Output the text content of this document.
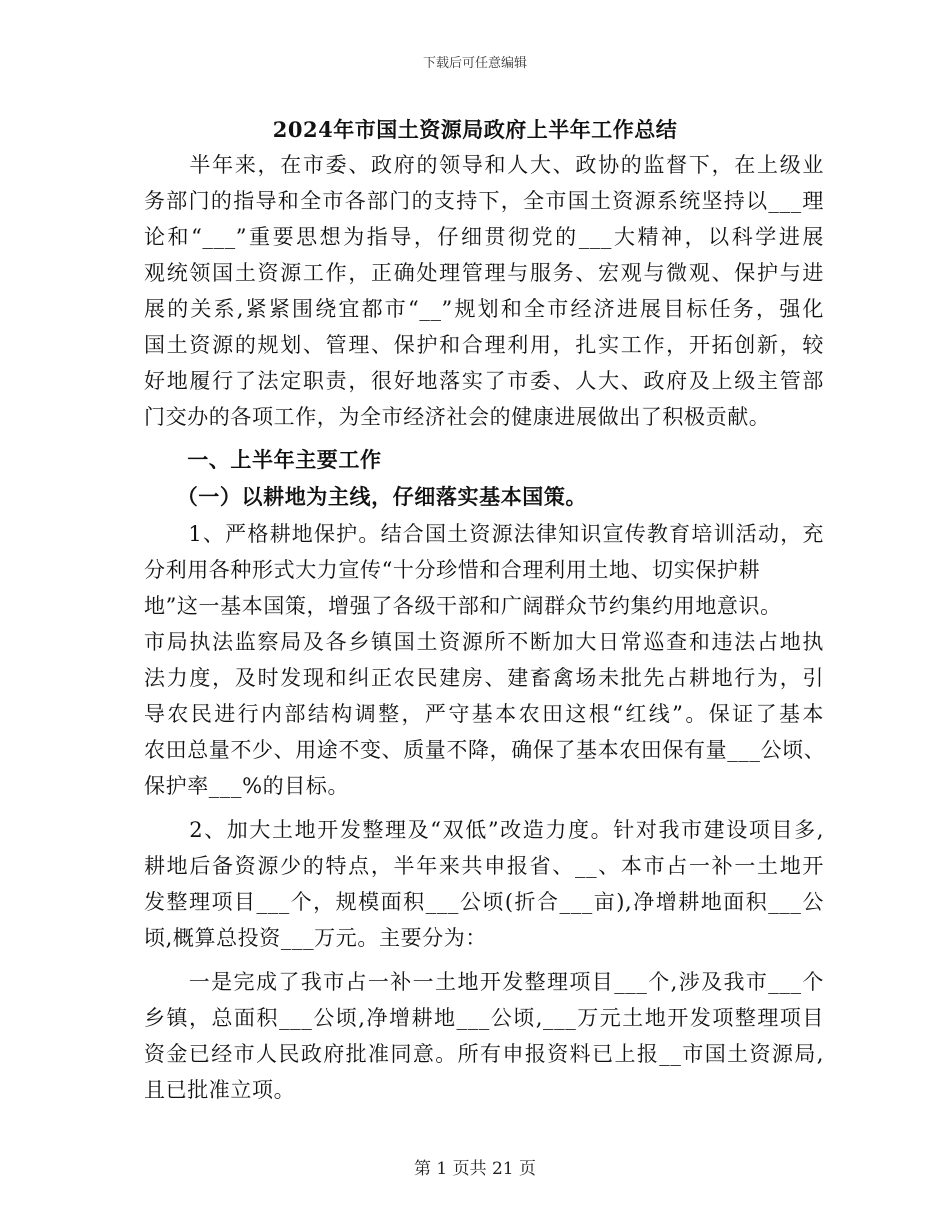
下载后可任意编辑
2024年市国土资源局政府上半年工作总结
　　半年来，在市委、政府的领导和人大、政协的监督下，在上级业
务部门的指导和全市各部门的支持下，全市国土资源系统坚持以___理
论和“___”重要思想为指导，仔细贯彻党的___大精神，以科学进展
观统领国土资源工作，正确处理管理与服务、宏观与微观、保护与进
展的关系,紧紧围绕宜都市“__”规划和全市经济进展目标任务，强化
国土资源的规划、管理、保护和合理利用，扎实工作，开拓创新，较
好地履行了法定职责，很好地落实了市委、人大、政府及上级主管部
门交办的各项工作，为全市经济社会的健康进展做出了积极贡献。
　　一、上半年主要工作
　　（一）以耕地为主线，仔细落实基本国策。
　　1、严格耕地保护。结合国土资源法律知识宣传教育培训活动，充
分利用各种形式大力宣传“十分珍惜和合理利用土地、切实保护耕
地”这一基本国策，增强了各级干部和广阔群众节约集约用地意识。
市局执法监察局及各乡镇国土资源所不断加大日常巡查和违法占地执
法力度，及时发现和纠正农民建房、建畜禽场未批先占耕地行为，引
导农民进行内部结构调整，严守基本农田这根“红线”。保证了基本
农田总量不少、用途不变、质量不降，确保了基本农田保有量___公顷、
保护率___%的目标。
　　2、加大土地开发整理及“双低”改造力度。针对我市建设项目多,
耕地后备资源少的特点，半年来共申报省、__、本市占一补一土地开
发整理项目___个，规模面积___公顷(折合___亩),净增耕地面积___公
顷,概算总投资___万元。主要分为：
　　一是完成了我市占一补一土地开发整理项目___个,涉及我市___个
乡镇，总面积___公顷,净增耕地___公顷,___万元土地开发项整理项目
资金已经市人民政府批准同意。所有申报资料已上报__市国土资源局,
且已批准立项。
第 1 页共 21 页
